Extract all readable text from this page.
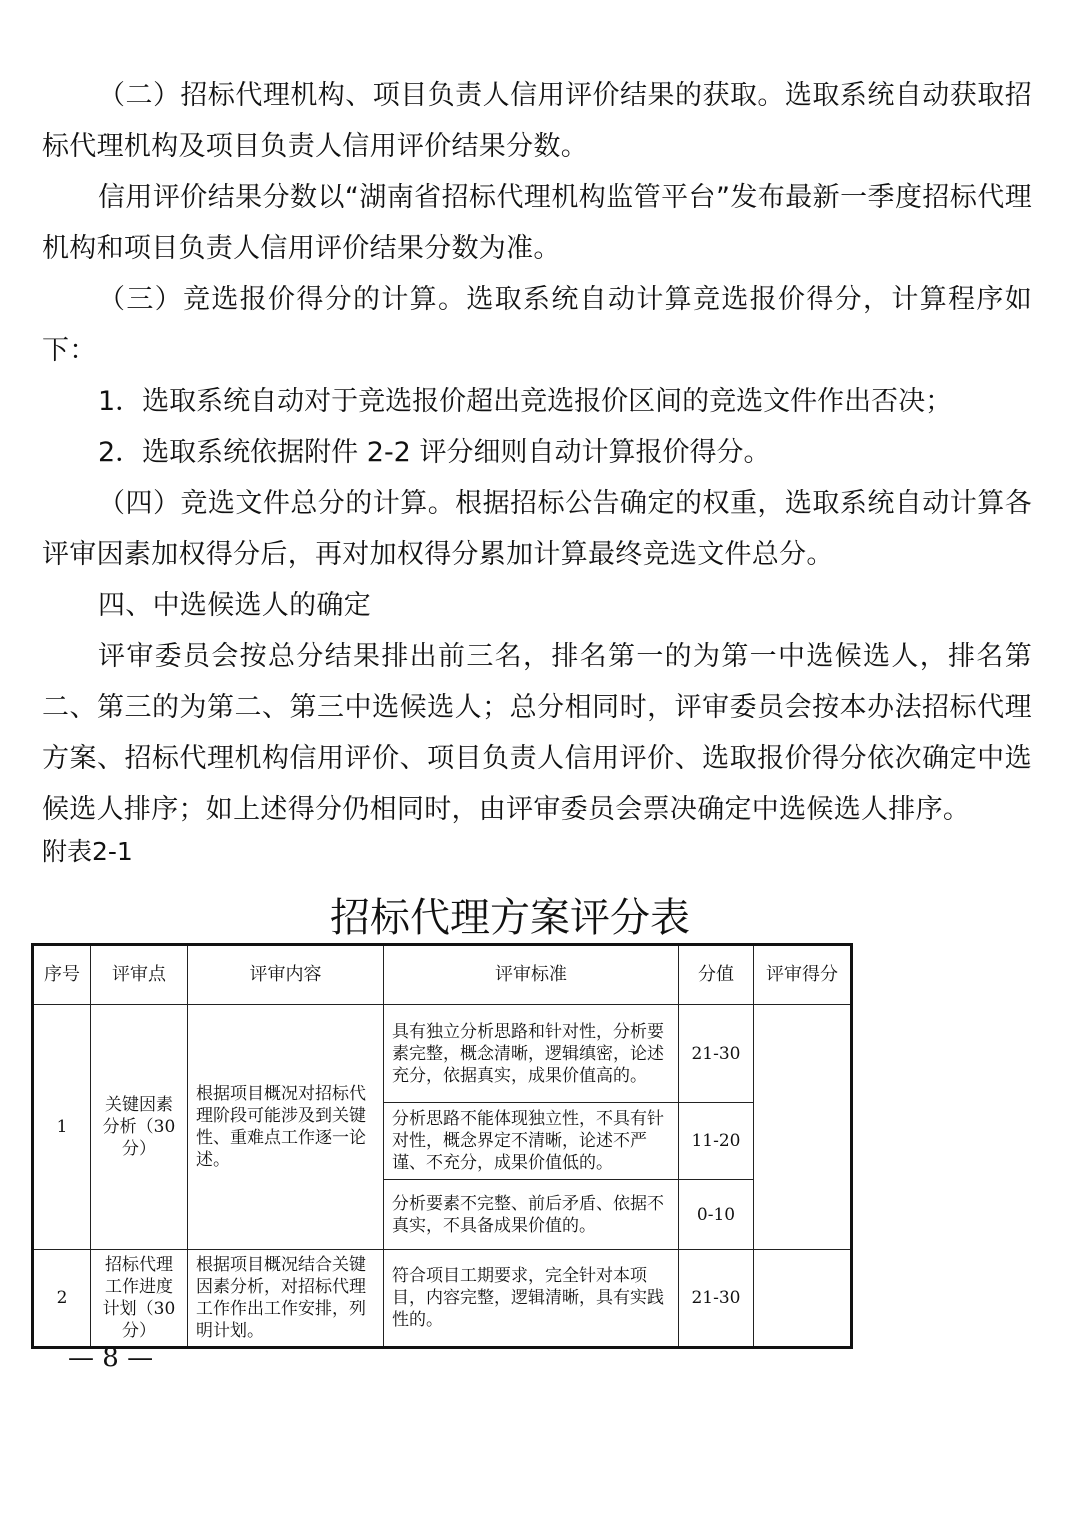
（二）招标代理机构、项目负责人信用评价结果的获取。选取系统自动获取招标代理机构及项目负责人信用评价结果分数。

信用评价结果分数以“湖南省招标代理机构监管平台”发布最新一季度招标代理机构和项目负责人信用评价结果分数为准。

（三）竞选报价得分的计算。选取系统自动计算竞选报价得分，计算程序如下：

1．选取系统自动对于竞选报价超出竞选报价区间的竞选文件作出否决；

2．选取系统依据附件 2-2 评分细则自动计算报价得分。

（四）竞选文件总分的计算。根据招标公告确定的权重，选取系统自动计算各评审因素加权得分后，再对加权得分累加计算最终竞选文件总分。

四、中选候选人的确定

评审委员会按总分结果排出前三名，排名第一的为第一中选候选人，排名第二、第三的为第二、第三中选候选人；总分相同时，评审委员会按本办法招标代理方案、招标代理机构信用评价、项目负责人信用评价、选取报价得分依次确定中选候选人排序；如上述得分仍相同时，由评审委员会票决确定中选候选人排序。

附表2-1

招标代理方案评分表

序号	评审点	评审内容	评审标准	分值	评审得分
1	关键因素分析（30 分）	根据项目概况对招标代理阶段可能涉及到关键性、重难点工作逐一论述。	具有独立分析思路和针对性，分析要素完整，概念清晰，逻辑缜密，论述充分，依据真实，成果价值高的。	21-30	
			分析思路不能体现独立性，不具有针对性，概念界定不清晰，论述不严谨、不充分，成果价值低的。	11-20	
			分析要素不完整、前后矛盾、依据不真实，不具备成果价值的。	0-10	
2	招标代理工作进度计划（30 分）	根据项目概况结合关键因素分析，对招标代理工作作出工作安排，列明计划。	符合项目工期要求，完全针对本项目，内容完整，逻辑清晰，具有实践性的。	21-30	

— 8 —
